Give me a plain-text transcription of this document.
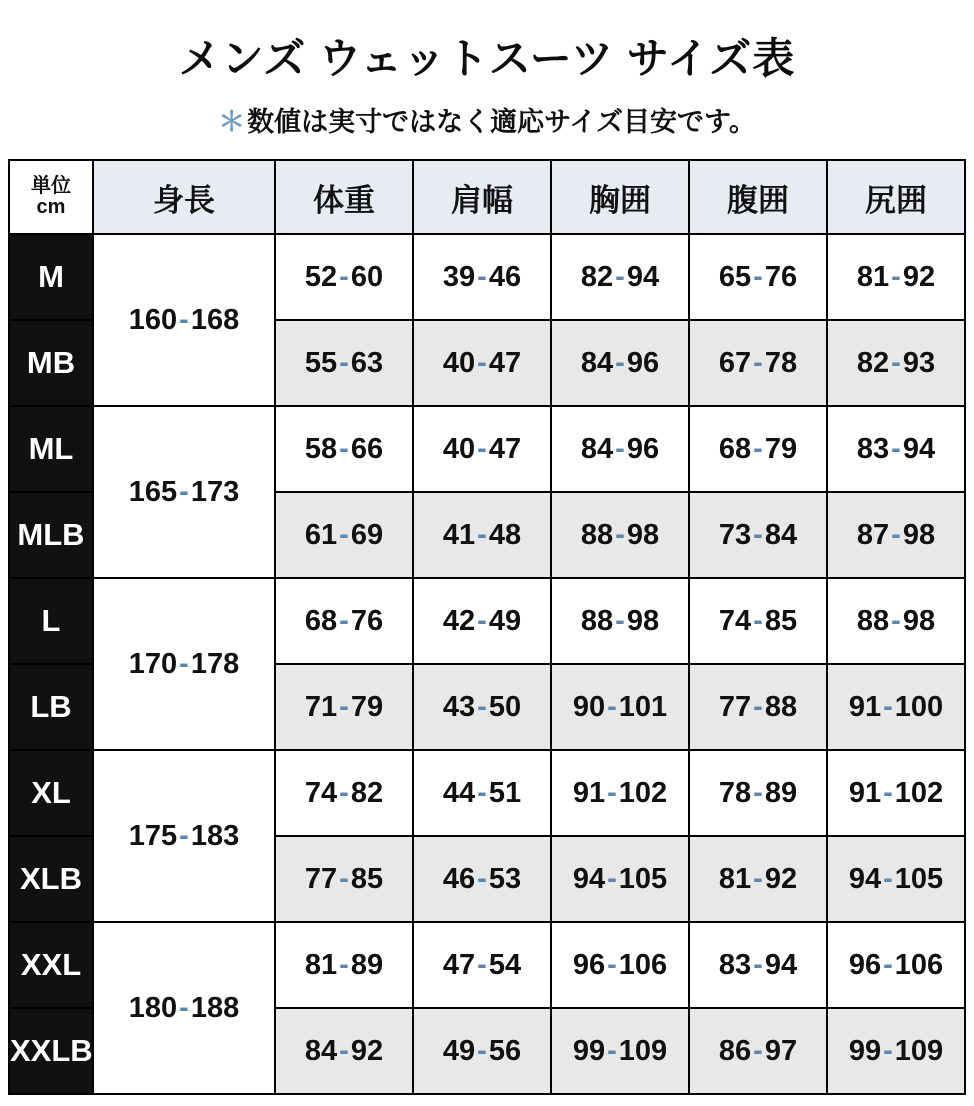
メンズ ウェットスーツ サイズ表
＊数値は実寸ではなく適応サイズ目安です。
単位
cm	身長	体重	肩幅	胸囲	腹囲	尻囲
M	160-168	52-60	39-46	82-94	65-76	81-92
MB		55-63	40-47	84-96	67-78	82-93
ML	165-173	58-66	40-47	84-96	68-79	83-94
MLB		61-69	41-48	88-98	73-84	87-98
L	170-178	68-76	42-49	88-98	74-85	88-98
LB		71-79	43-50	90-101	77-88	91-100
XL	175-183	74-82	44-51	91-102	78-89	91-102
XLB		77-85	46-53	94-105	81-92	94-105
XXL	180-188	81-89	47-54	96-106	83-94	96-106
XXLB		84-92	49-56	99-109	86-97	99-109
